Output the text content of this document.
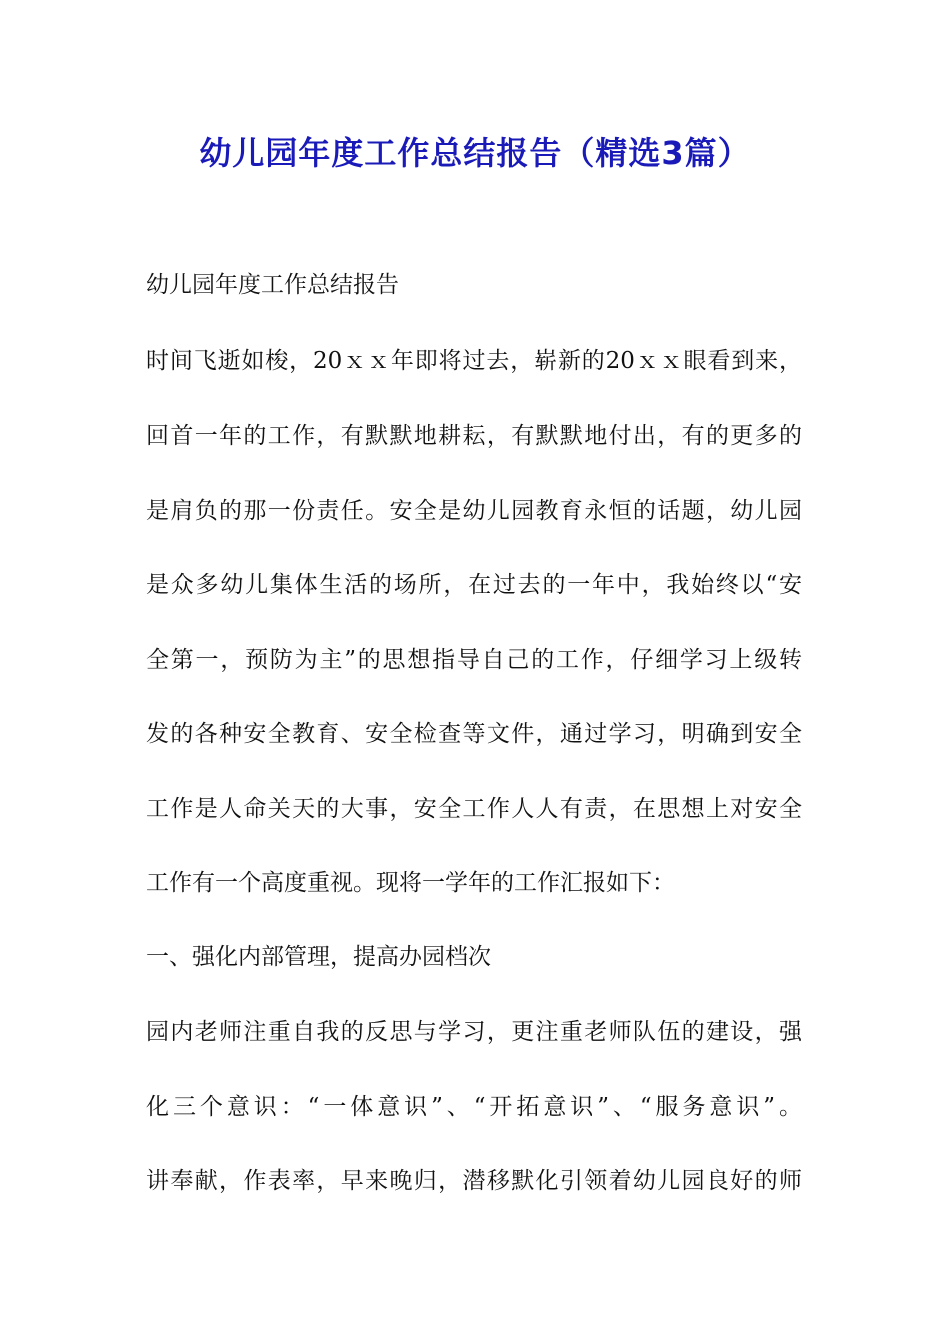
幼儿园年度工作总结报告（精选3篇）
幼儿园年度工作总结报告
时间飞逝如梭，20ｘｘ年即将过去，崭新的20ｘｘ眼看到来，
回首一年的工作，有默默地耕耘，有默默地付出，有的更多的
是肩负的那一份责任。安全是幼儿园教育永恒的话题，幼儿园
是众多幼儿集体生活的场所，在过去的一年中，我始终以“安
全第一，预防为主”的思想指导自己的工作，仔细学习上级转
发的各种安全教育、安全检查等文件，通过学习，明确到安全
工作是人命关天的大事，安全工作人人有责，在思想上对安全
工作有一个高度重视。现将一学年的工作汇报如下：
一、强化内部管理，提高办园档次
园内老师注重自我的反思与学习，更注重老师队伍的建设，强
化三个意识：“一体意识”、“开拓意识”、“服务意识”。
讲奉献，作表率，早来晚归，潜移默化引领着幼儿园良好的师
